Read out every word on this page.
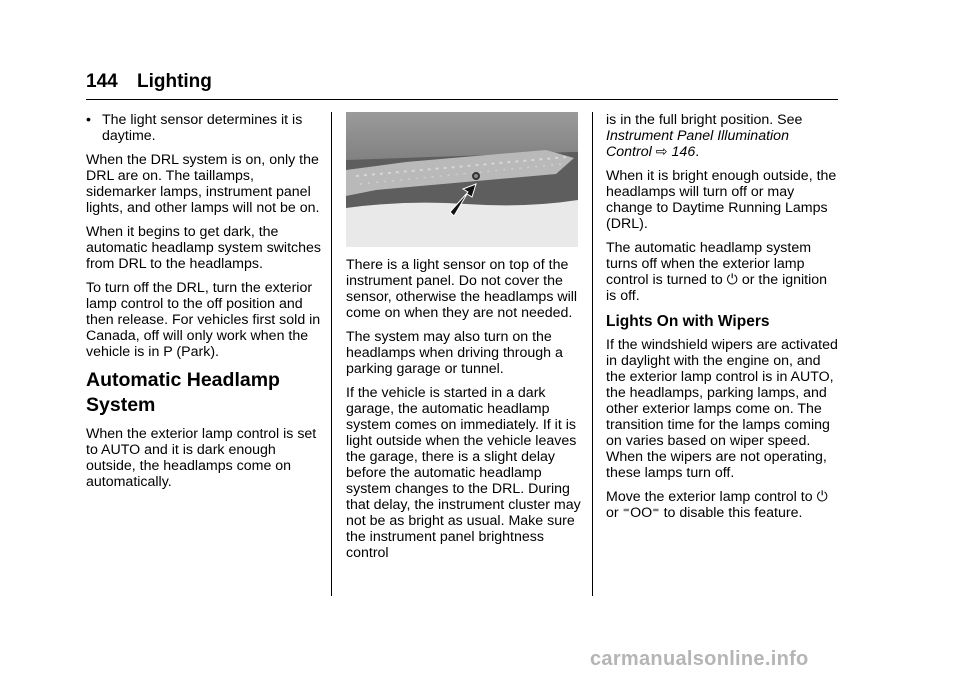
144 Lighting
• The light sensor determines it is daytime.

When the DRL system is on, only the DRL are on. The taillamps, sidemarker lamps, instrument panel lights, and other lamps will not be on.

When it begins to get dark, the automatic headlamp system switches from DRL to the headlamps.

To turn off the DRL, turn the exterior lamp control to the off position and then release. For vehicles first sold in Canada, off will only work when the vehicle is in P (Park).

Automatic Headlamp System

When the exterior lamp control is set to AUTO and it is dark enough outside, the headlamps come on automatically.

There is a light sensor on top of the instrument panel. Do not cover the sensor, otherwise the headlamps will come on when they are not needed.

The system may also turn on the headlamps when driving through a parking garage or tunnel.

If the vehicle is started in a dark garage, the automatic headlamp system comes on immediately. If it is light outside when the vehicle leaves the garage, there is a slight delay before the automatic headlamp system changes to the DRL. During that delay, the instrument cluster may not be as bright as usual. Make sure the instrument panel brightness control

is in the full bright position. See Instrument Panel Illumination Control ⇨ 146.

When it is bright enough outside, the headlamps will turn off or may change to Daytime Running Lamps (DRL).

The automatic headlamp system turns off when the exterior lamp control is turned to ⏻ or the ignition is off.

Lights On with Wipers

If the windshield wipers are activated in daylight with the engine on, and the exterior lamp control is in AUTO, the headlamps, parking lamps, and other exterior lamps come on. The transition time for the lamps coming on varies based on wiper speed. When the wipers are not operating, these lamps turn off.

Move the exterior lamp control to ⏻ or ⁼OO⁼ to disable this feature.

carmanualsonline.info
